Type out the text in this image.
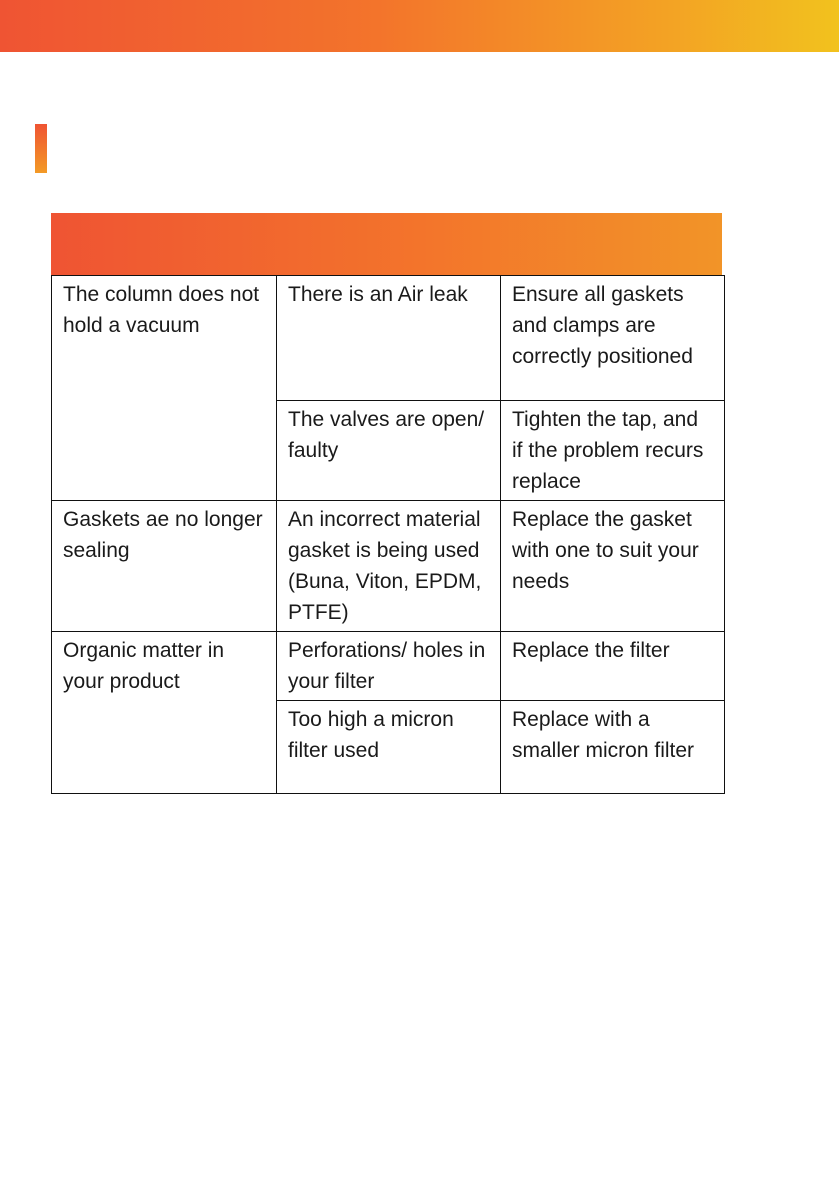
The column does not hold a vacuum	There is an Air leak	Ensure all gaskets and clamps are correctly positioned
	The valves are open/ faulty	Tighten the tap, and if the problem recurs replace
Gaskets ae no longer sealing	An incorrect material gasket is being used (Buna, Viton, EPDM, PTFE)	Replace the gasket with one to suit your needs
Organic matter in your product	Perforations/ holes in your filter	Replace the filter
	Too high a micron filter used	Replace with a smaller micron filter
